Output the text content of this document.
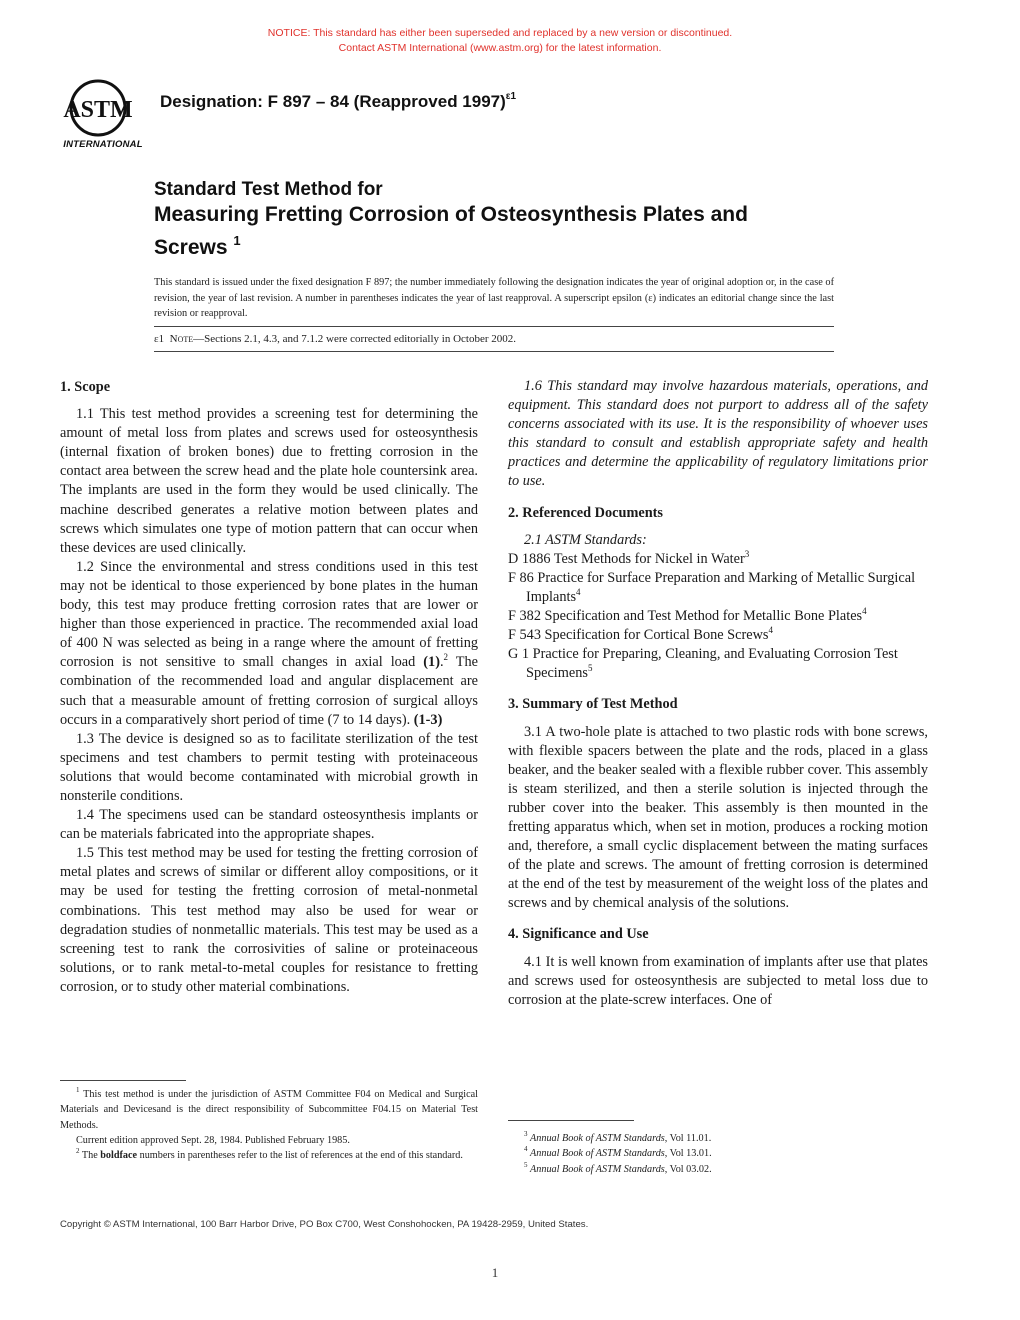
NOTICE: This standard has either been superseded and replaced by a new version or discontinued.
Contact ASTM International (www.astm.org) for the latest information.
ASTM
INTERNATIONAL
Designation: F 897 – 84 (Reapproved 1997)$^{\varepsilon 1}$
Standard Test Method for
Measuring Fretting Corrosion of Osteosynthesis Plates and
Screws $^1$
This standard is issued under the fixed designation F 897; the number immediately following the designation indicates the year of original adoption or, in the case of revision, the year of last revision. A number in parentheses indicates the year of last reapproval. A superscript epsilon (ε) indicates an editorial change since the last revision or reapproval.
ε1 Note—Sections 2.1, 4.3, and 7.1.2 were corrected editorially in October 2002.

1. Scope

1.1 This test method provides a screening test for determining the amount of metal loss from plates and screws used for osteosynthesis (internal fixation of broken bones) due to fretting corrosion in the contact area between the screw head and the plate hole countersink area. The implants are used in the form they would be used clinically. The machine described generates a relative motion between plates and screws which simulates one type of motion pattern that can occur when these devices are used clinically.

1.2 Since the environmental and stress conditions used in this test may not be identical to those experienced by bone plates in the human body, this test may produce fretting corrosion rates that are lower or higher than those experienced in practice. The recommended axial load of 400 N was selected as being in a range where the amount of fretting corrosion is not sensitive to small changes in axial load (1).$^2$ The combination of the recommended load and angular displacement are such that a measurable amount of fretting corrosion of surgical alloys occurs in a comparatively short period of time (7 to 14 days). (1-3)

1.3 The device is designed so as to facilitate sterilization of the test specimens and test chambers to permit testing with proteinaceous solutions that would become contaminated with microbial growth in nonsterile conditions.

1.4 The specimens used can be standard osteosynthesis implants or can be materials fabricated into the appropriate shapes.

1.5 This test method may be used for testing the fretting corrosion of metal plates and screws of similar or different alloy compositions, or it may be used for testing the fretting corrosion of metal-nonmetal combinations. This test method may also be used for wear or degradation studies of nonmetallic materials. This test may be used as a screening test to rank the corrosivities of saline or proteinaceous solutions, or to rank metal-to-metal couples for resistance to fretting corrosion, or to study other material combinations.

1.6 This standard may involve hazardous materials, operations, and equipment. This standard does not purport to address all of the safety concerns associated with its use. It is the responsibility of whoever uses this standard to consult and establish appropriate safety and health practices and determine the applicability of regulatory limitations prior to use.

2. Referenced Documents

2.1 ASTM Standards:

D 1886 Test Methods for Nickel in Water$^3$

F 86 Practice for Surface Preparation and Marking of Metallic Surgical Implants$^4$

F 382 Specification and Test Method for Metallic Bone Plates$^4$

F 543 Specification for Cortical Bone Screws$^4$

G 1 Practice for Preparing, Cleaning, and Evaluating Corrosion Test Specimens$^5$

3. Summary of Test Method

3.1 A two-hole plate is attached to two plastic rods with bone screws, with flexible spacers between the plate and the rods, placed in a glass beaker, and the beaker sealed with a flexible rubber cover. This assembly is steam sterilized, and then a sterile solution is injected through the rubber cover into the beaker. This assembly is then mounted in the fretting apparatus which, when set in motion, produces a rocking motion and, therefore, a small cyclic displacement between the mating surfaces of the plate and screws. The amount of fretting corrosion is determined at the end of the test by measurement of the weight loss of the plates and screws and by chemical analysis of the solutions.

4. Significance and Use

4.1 It is well known from examination of implants after use that plates and screws used for osteosynthesis are subjected to metal loss due to corrosion at the plate-screw interfaces. One of

$^1$ This test method is under the jurisdiction of ASTM Committee F04 on Medical and Surgical Materials and Devicesand is the direct responsibility of Subcommittee F04.15 on Material Test Methods.

Current edition approved Sept. 28, 1984. Published February 1985.

$^2$ The boldface numbers in parentheses refer to the list of references at the end of this standard.

$^3$ Annual Book of ASTM Standards, Vol 11.01.

$^4$ Annual Book of ASTM Standards, Vol 13.01.

$^5$ Annual Book of ASTM Standards, Vol 03.02.

Copyright © ASTM International, 100 Barr Harbor Drive, PO Box C700, West Conshohocken, PA 19428-2959, United States.
1
